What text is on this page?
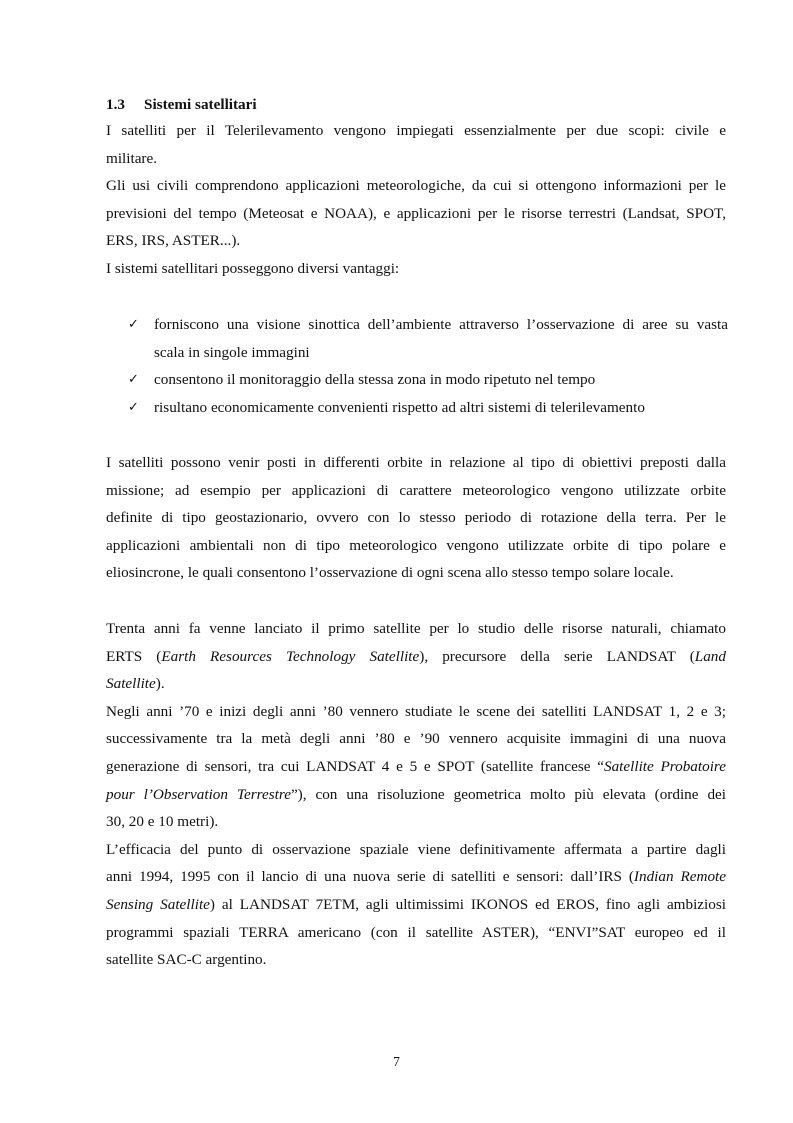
1.3 Sistemi satellitari
I satelliti per il Telerilevamento vengono impiegati essenzialmente per due scopi: civile e
militare.
Gli usi civili comprendono applicazioni meteorologiche, da cui si ottengono informazioni per le
previsioni del tempo (Meteosat e NOAA), e applicazioni per le risorse terrestri (Landsat, SPOT,
ERS, IRS, ASTER...).
I sistemi satellitari posseggono diversi vantaggi:
✓ forniscono una visione sinottica dell’ambiente attraverso l’osservazione di aree su vasta
scala in singole immagini
✓ consentono il monitoraggio della stessa zona in modo ripetuto nel tempo
✓ risultano economicamente convenienti rispetto ad altri sistemi di telerilevamento
I satelliti possono venir posti in differenti orbite in relazione al tipo di obiettivi preposti dalla
missione; ad esempio per applicazioni di carattere meteorologico vengono utilizzate orbite
definite di tipo geostazionario, ovvero con lo stesso periodo di rotazione della terra. Per le
applicazioni ambientali non di tipo meteorologico vengono utilizzate orbite di tipo polare e
eliosincrone, le quali consentono l’osservazione di ogni scena allo stesso tempo solare locale.
Trenta anni fa venne lanciato il primo satellite per lo studio delle risorse naturali, chiamato
ERTS (Earth Resources Technology Satellite), precursore della serie LANDSAT (Land
Satellite).
Negli anni ’70 e inizi degli anni ’80 vennero studiate le scene dei satelliti LANDSAT 1, 2 e 3;
successivamente tra la metà degli anni ’80 e ’90 vennero acquisite immagini di una nuova
generazione di sensori, tra cui LANDSAT 4 e 5 e SPOT (satellite francese “Satellite Probatoire
pour l’Observation Terrestre”), con una risoluzione geometrica molto più elevata (ordine dei
30, 20 e 10 metri).
L’efficacia del punto di osservazione spaziale viene definitivamente affermata a partire dagli
anni 1994, 1995 con il lancio di una nuova serie di satelliti e sensori: dall’IRS (Indian Remote
Sensing Satellite) al LANDSAT 7ETM, agli ultimissimi IKONOS ed EROS, fino agli ambiziosi
programmi spaziali TERRA americano (con il satellite ASTER), “ENVI”SAT europeo ed il
satellite SAC-C argentino.
7
